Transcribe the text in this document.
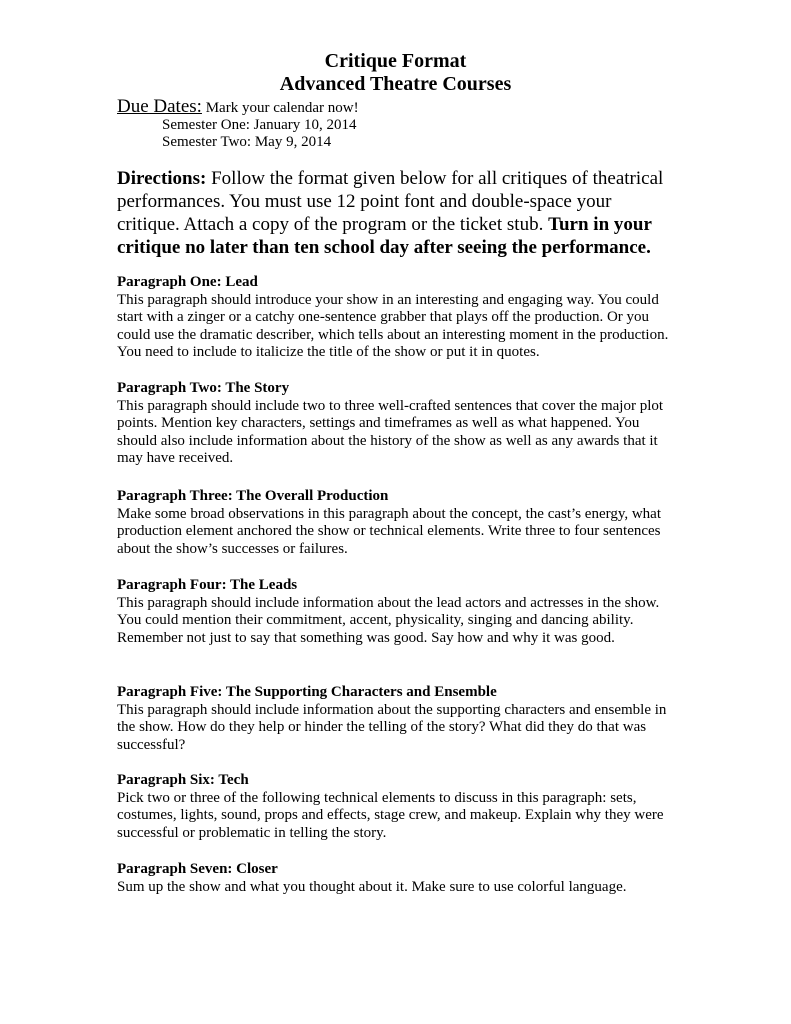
Critique Format
Advanced Theatre Courses
Due Dates: Mark your calendar now!
Semester One: January 10, 2014
Semester Two: May 9, 2014
Directions: Follow the format given below for all critiques of theatrical performances. You must use 12 point font and double-space your critique. Attach a copy of the program or the ticket stub. Turn in your critique no later than ten school day after seeing the performance.
Paragraph One: Lead
This paragraph should introduce your show in an interesting and engaging way. You could start with a zinger or a catchy one-sentence grabber that plays off the production. Or you could use the dramatic describer, which tells about an interesting moment in the production. You need to include to italicize the title of the show or put it in quotes.
Paragraph Two: The Story
This paragraph should include two to three well-crafted sentences that cover the major plot points. Mention key characters, settings and timeframes as well as what happened. You should also include information about the history of the show as well as any awards that it may have received.
Paragraph Three: The Overall Production
Make some broad observations in this paragraph about the concept, the cast’s energy, what production element anchored the show or technical elements. Write three to four sentences about the show’s successes or failures.
Paragraph Four: The Leads
This paragraph should include information about the lead actors and actresses in the show. You could mention their commitment, accent, physicality, singing and dancing ability. Remember not just to say that something was good. Say how and why it was good.
Paragraph Five: The Supporting Characters and Ensemble
This paragraph should include information about the supporting characters and ensemble in the show. How do they help or hinder the telling of the story? What did they do that was successful?
Paragraph Six: Tech
Pick two or three of the following technical elements to discuss in this paragraph: sets, costumes, lights, sound, props and effects, stage crew, and makeup. Explain why they were successful or problematic in telling the story.
Paragraph Seven: Closer
Sum up the show and what you thought about it. Make sure to use colorful language.
